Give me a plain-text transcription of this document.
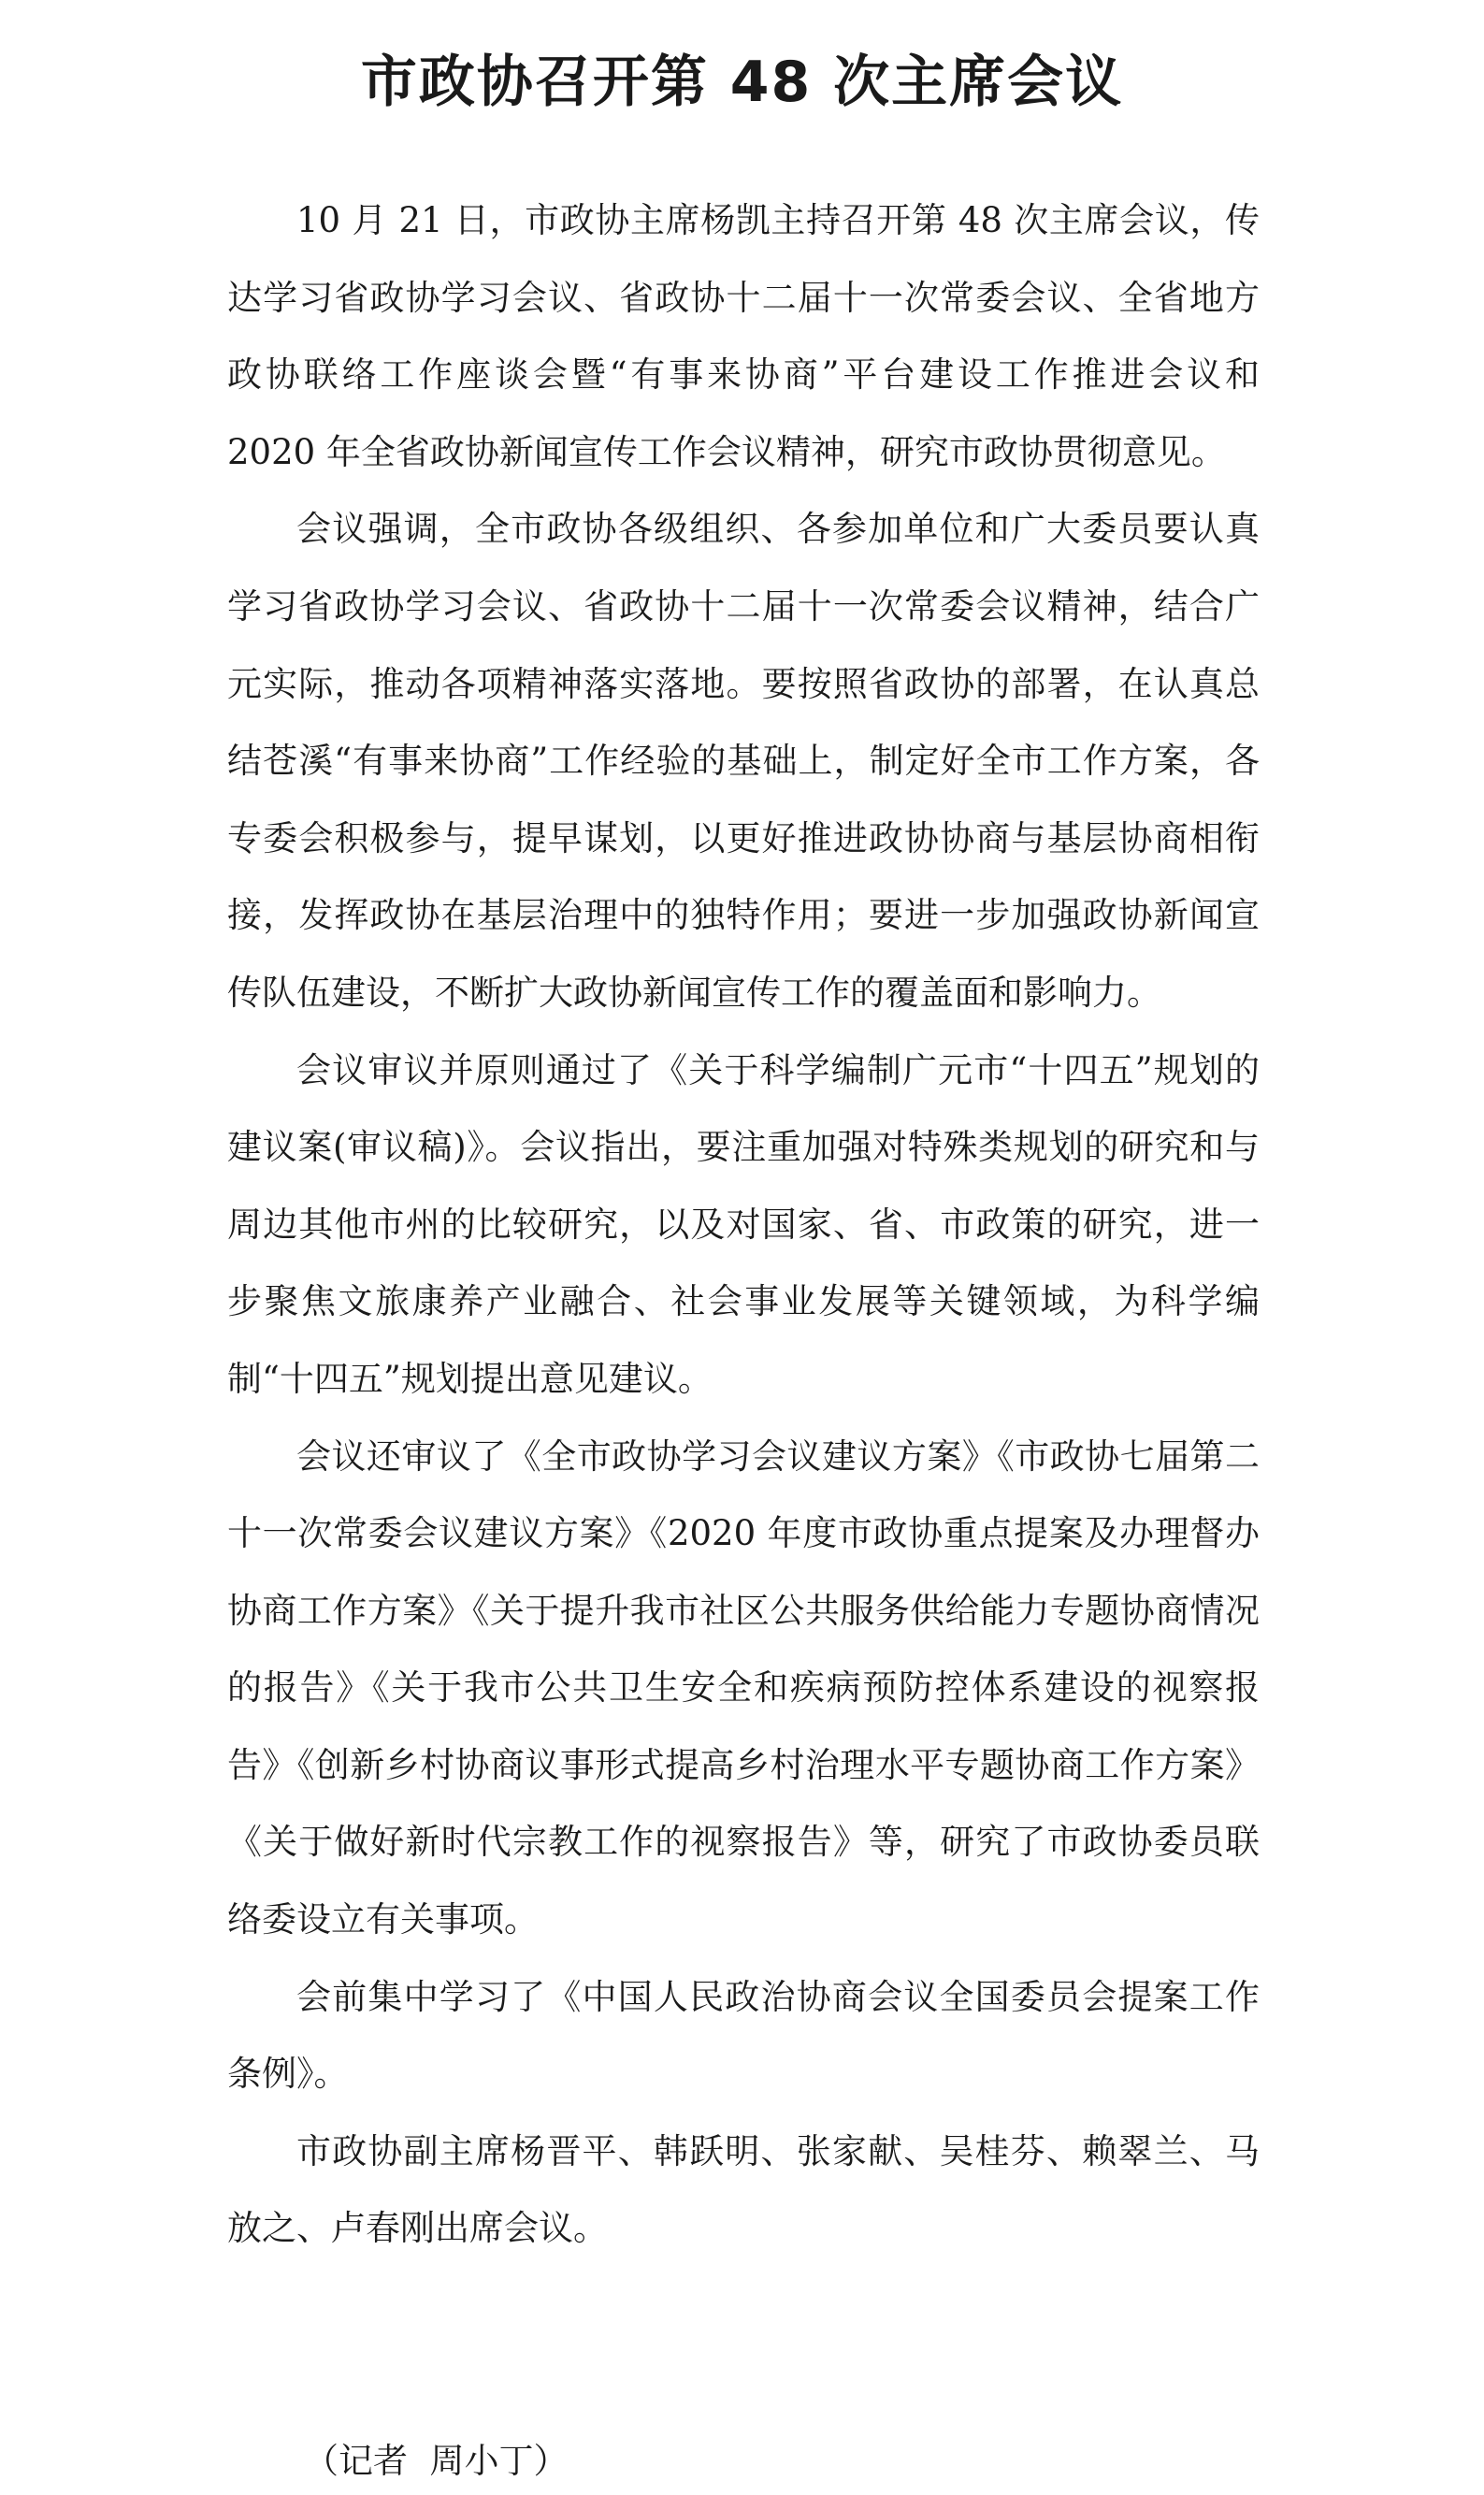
市政协召开第 48 次主席会议

10 月 21 日，市政协主席杨凯主持召开第 48 次主席会议，传达学习省政协学习会议、省政协十二届十一次常委会议、全省地方政协联络工作座谈会暨“有事来协商”平台建设工作推进会议和 2020 年全省政协新闻宣传工作会议精神，研究市政协贯彻意见。

会议强调，全市政协各级组织、各参加单位和广大委员要认真学习省政协学习会议、省政协十二届十一次常委会议精神，结合广元实际，推动各项精神落实落地。要按照省政协的部署，在认真总结苍溪“有事来协商”工作经验的基础上，制定好全市工作方案，各专委会积极参与，提早谋划，以更好推进政协协商与基层协商相衔接，发挥政协在基层治理中的独特作用；要进一步加强政协新闻宣传队伍建设，不断扩大政协新闻宣传工作的覆盖面和影响力。

会议审议并原则通过了《关于科学编制广元市“十四五”规划的建议案(审议稿)》。会议指出，要注重加强对特殊类规划的研究和与周边其他市州的比较研究，以及对国家、省、市政策的研究，进一步聚焦文旅康养产业融合、社会事业发展等关键领域，为科学编制“十四五”规划提出意见建议。

会议还审议了《全市政协学习会议建议方案》《市政协七届第二十一次常委会议建议方案》《2020 年度市政协重点提案及办理督办协商工作方案》《关于提升我市社区公共服务供给能力专题协商情况的报告》《关于我市公共卫生安全和疾病预防控体系建设的视察报告》《创新乡村协商议事形式提高乡村治理水平专题协商工作方案》《关于做好新时代宗教工作的视察报告》等，研究了市政协委员联络委设立有关事项。

会前集中学习了《中国人民政治协商会议全国委员会提案工作条例》。

市政协副主席杨晋平、韩跃明、张家献、吴桂芬、赖翠兰、马放之、卢春刚出席会议。

（记者  周小丁）
